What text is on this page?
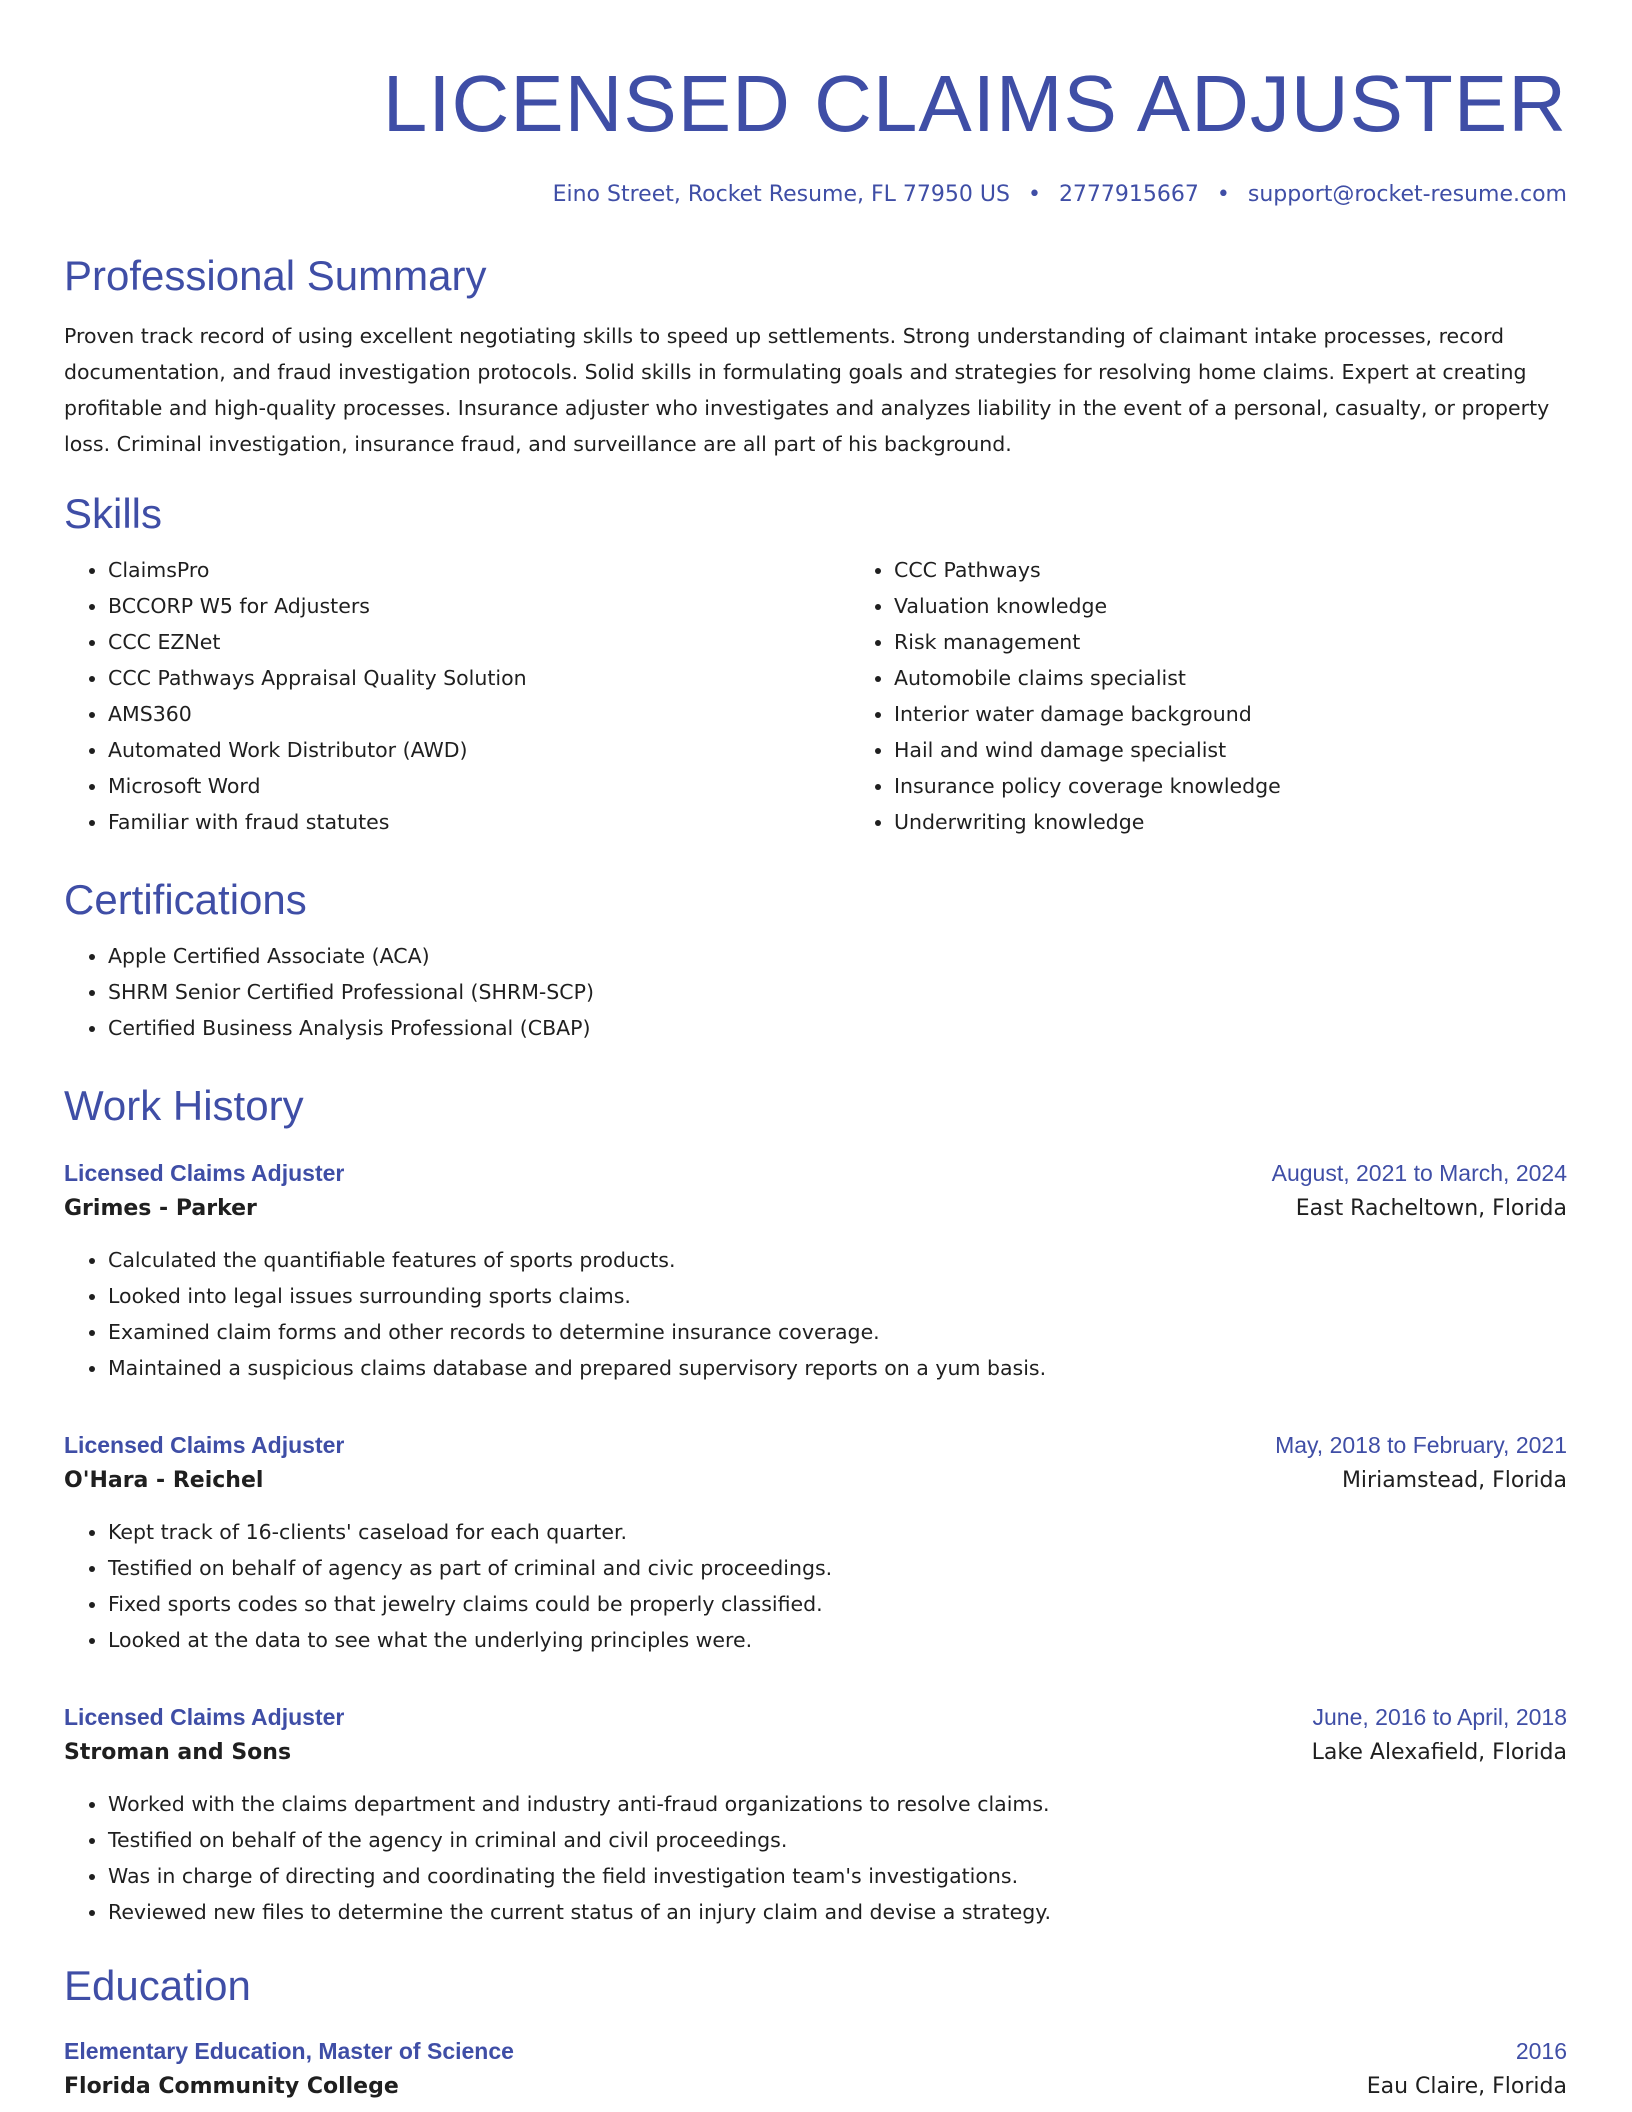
LICENSED CLAIMS ADJUSTER
Eino Street, Rocket Resume, FL 77950 US • 2777915667 • support@rocket-resume.com
Professional Summary

Proven track record of using excellent negotiating skills to speed up settlements. Strong understanding of claimant intake processes, record documentation, and fraud investigation protocols. Solid skills in formulating goals and strategies for resolving home claims. Expert at creating profitable and high-quality processes. Insurance adjuster who investigates and analyzes liability in the event of a personal, casualty, or property loss. Criminal investigation, insurance fraud, and surveillance are all part of his background.

Skills
• ClaimsPro
• BCCORP W5 for Adjusters
• CCC EZNet
• CCC Pathways Appraisal Quality Solution
• AMS360
• Automated Work Distributor (AWD)
• Microsoft Word
• Familiar with fraud statutes
• CCC Pathways
• Valuation knowledge
• Risk management
• Automobile claims specialist
• Interior water damage background
• Hail and wind damage specialist
• Insurance policy coverage knowledge
• Underwriting knowledge
Certifications
• Apple Certified Associate (ACA)
• SHRM Senior Certified Professional (SHRM-SCP)
• Certified Business Analysis Professional (CBAP)
Work History
Licensed Claims Adjuster	August, 2021 to March, 2024
Grimes - Parker	East Racheltown, Florida
• Calculated the quantifiable features of sports products.
• Looked into legal issues surrounding sports claims.
• Examined claim forms and other records to determine insurance coverage.
• Maintained a suspicious claims database and prepared supervisory reports on a yum basis.
Licensed Claims Adjuster	May, 2018 to February, 2021
O'Hara - Reichel	Miriamstead, Florida
• Kept track of 16-clients' caseload for each quarter.
• Testified on behalf of agency as part of criminal and civic proceedings.
• Fixed sports codes so that jewelry claims could be properly classified.
• Looked at the data to see what the underlying principles were.
Licensed Claims Adjuster	June, 2016 to April, 2018
Stroman and Sons	Lake Alexafield, Florida
• Worked with the claims department and industry anti-fraud organizations to resolve claims.
• Testified on behalf of the agency in criminal and civil proceedings.
• Was in charge of directing and coordinating the field investigation team's investigations.
• Reviewed new files to determine the current status of an injury claim and devise a strategy.
Education
Elementary Education, Master of Science	2016
Florida Community College	Eau Claire, Florida
